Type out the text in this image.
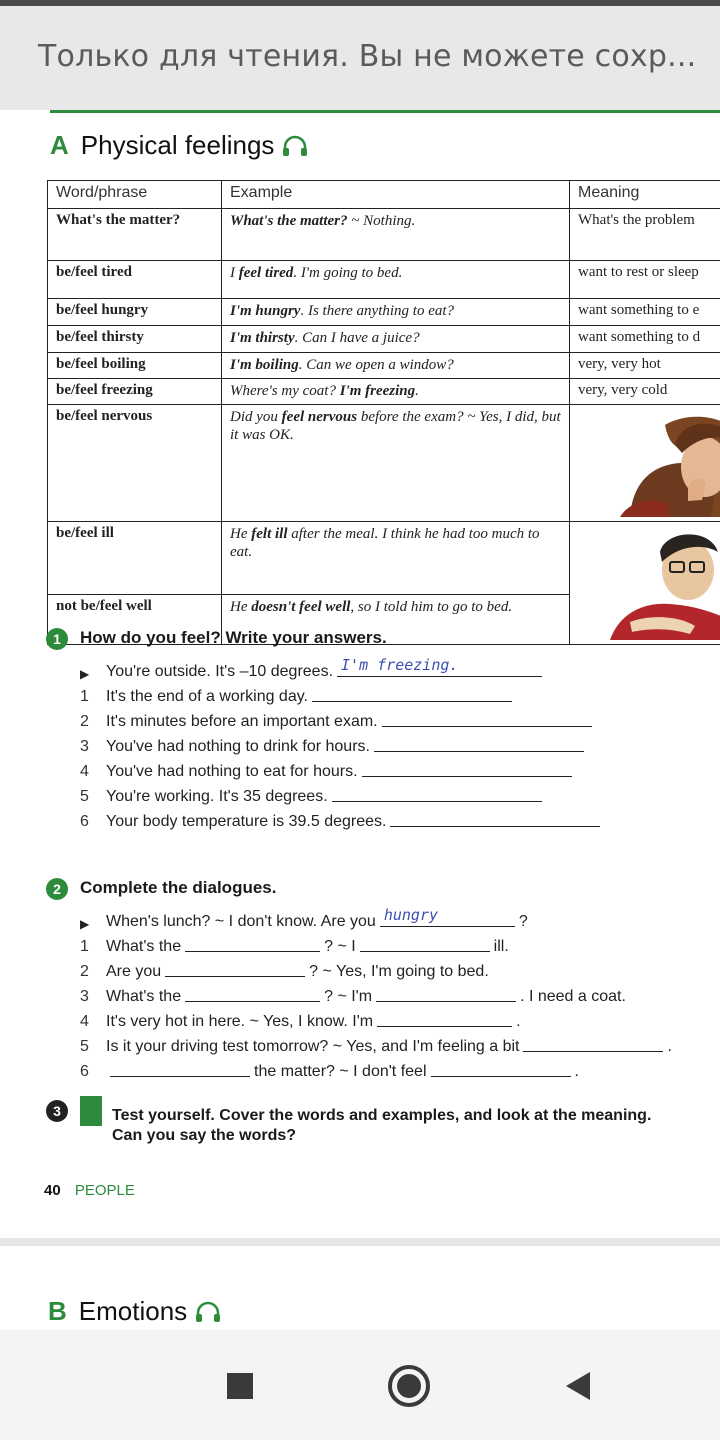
Только для чтения. Вы не можете сохр...
A Physical feelings
Word/phrase	Example	Meaning
What's the matter?	What's the matter? ~ Nothing.	What's the problem
be/feel tired	I feel tired. I'm going to bed.	want to rest or sleep
be/feel hungry	I'm hungry. Is there anything to eat?	want something to e
be/feel thirsty	I'm thirsty. Can I have a juice?	want something to d
be/feel boiling	I'm boiling. Can we open a window?	very, very hot
be/feel freezing	Where's my coat? I'm freezing.	very, very cold
be/feel nervous	Did you feel nervous before the exam? ~ Yes, I did, but it was OK.	
be/feel ill	He felt ill after the meal. I think he had too much to eat.	
not be/feel well	He doesn't feel well, so I told him to go to bed.	
1	How do you feel? Write your answers.
▶	You're outside. It's –10 degrees. I'm freezing.
1	It's the end of a working day.
2	It's minutes before an important exam.
3	You've had nothing to drink for hours.
4	You've had nothing to eat for hours.
5	You're working. It's 35 degrees.
6	Your body temperature is 39.5 degrees.
2	Complete the dialogues.
▶	When's lunch? ~ I don't know. Are you hungry	?
1	What's the	? ~ I	ill.
2	Are you	? ~ Yes, I'm going to bed.
3	What's the	? ~ I'm	. I need a coat.
4	It's very hot in here. ~ Yes, I know. I'm	.
5	Is it your driving test tomorrow? ~ Yes, and I'm feeling a bit	.
6	the matter? ~ I don't feel	.
3	Test yourself. Cover the words and examples, and look at the meaning.
Can you say the words?
40 PEOPLE
B Emotions
